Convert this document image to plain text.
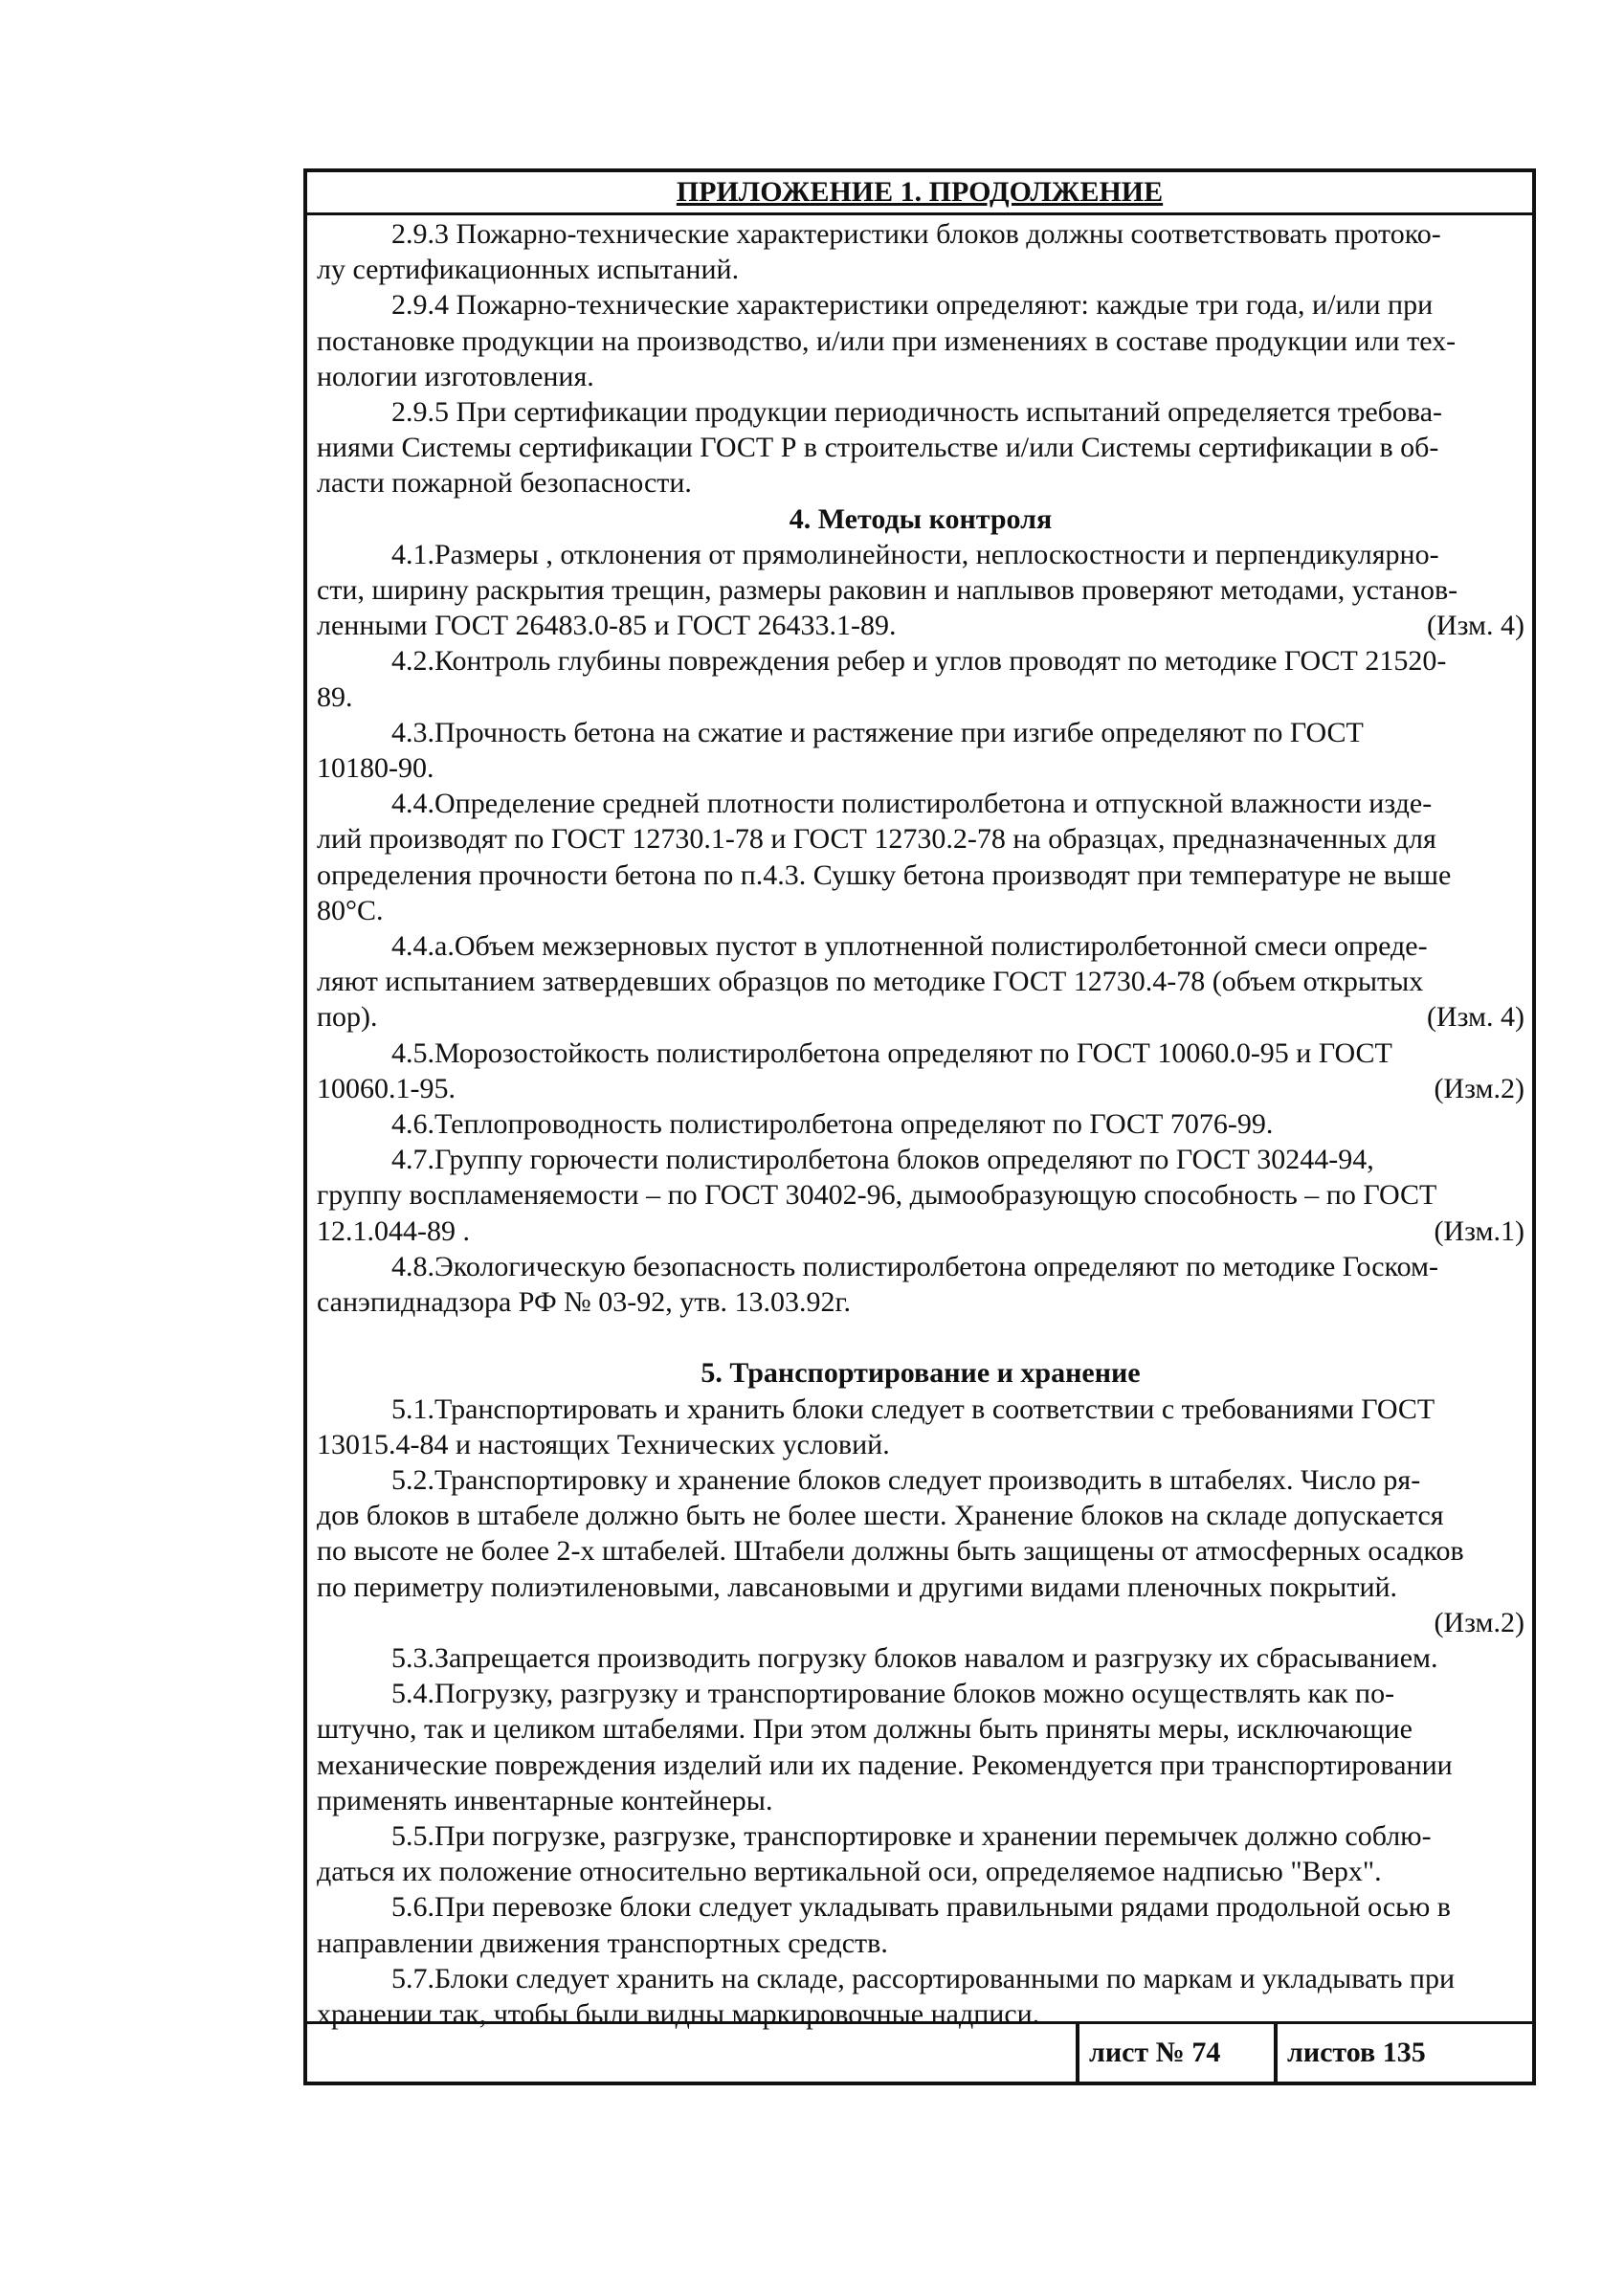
ПРИЛОЖЕНИЕ 1. ПРОДОЛЖЕНИЕ

2.9.3 Пожарно-технические характеристики блоков должны соответствовать протоко-

лу сертификационных испытаний.

2.9.4 Пожарно-технические характеристики определяют: каждые три года, и/или при

постановке продукции на производство, и/или при изменениях в составе продукции или тех-

нологии изготовления.

2.9.5 При сертификации продукции периодичность испытаний определяется требова-

ниями Системы сертификации ГОСТ Р в строительстве и/или Системы сертификации в об-

ласти пожарной безопасности.

4. Методы контроля

4.1.Размеры , отклонения от прямолинейности, неплоскостности и перпендикулярно-

сти, ширину раскрытия трещин, размеры раковин и наплывов проверяют методами, установ-

ленными ГОСТ 26483.0-85 и ГОСТ 26433.1-89.	(Изм. 4)

4.2.Контроль глубины повреждения ребер и углов проводят по методике ГОСТ 21520-

89.

4.3.Прочность бетона на сжатие и растяжение при изгибе определяют по ГОСТ

10180-90.

4.4.Определение средней плотности полистиролбетона и отпускной влажности изде-

лий производят по ГОСТ 12730.1-78 и ГОСТ 12730.2-78 на образцах, предназначенных для

определения прочности бетона по п.4.3. Сушку бетона производят при температуре не выше

80°С.

4.4.а.Объем межзерновых пустот в уплотненной полистиролбетонной смеси опреде-

ляют испытанием затвердевших образцов по методике ГОСТ 12730.4-78 (объем открытых

пор).	(Изм. 4)

4.5.Морозостойкость полистиролбетона определяют по ГОСТ 10060.0-95 и ГОСТ

10060.1-95.	(Изм.2)

4.6.Теплопроводность полистиролбетона определяют по ГОСТ 7076-99.

4.7.Группу горючести полистиролбетона блоков определяют по ГОСТ 30244-94,

группу воспламеняемости – по ГОСТ 30402-96, дымообразующую способность – по ГОСТ

12.1.044-89 .	(Изм.1)

4.8.Экологическую безопасность полистиролбетона определяют по методике Госком-

санэпиднадзора РФ № 03-92, утв. 13.03.92г.

5. Транспортирование и хранение

5.1.Транспортировать и хранить блоки следует в соответствии с требованиями ГОСТ

13015.4-84 и настоящих Технических условий.

5.2.Транспортировку и хранение блоков следует производить в штабелях. Число ря-

дов блоков в штабеле должно быть не более шести. Хранение блоков на складе допускается

по высоте не более 2-х штабелей. Штабели должны быть защищены от атмосферных осадков

по периметру полиэтиленовыми, лавсановыми и другими видами пленочных покрытий.

(Изм.2)

5.3.Запрещается производить погрузку блоков навалом и разгрузку их сбрасыванием.

5.4.Погрузку, разгрузку и транспортирование блоков можно осуществлять как по-

штучно, так и целиком штабелями. При этом должны быть приняты меры, исключающие

механические повреждения изделий или их падение. Рекомендуется при транспортировании

применять инвентарные контейнеры.

5.5.При погрузке, разгрузке, транспортировке и хранении перемычек должно соблю-

даться их положение относительно вертикальной оси, определяемое надписью "Верх".

5.6.При перевозке блоки следует укладывать правильными рядами продольной осью в

направлении движения транспортных средств.

5.7.Блоки следует хранить на складе, рассортированными по маркам и укладывать при

хранении так, чтобы были видны маркировочные надписи.

лист № 74	листов 135
